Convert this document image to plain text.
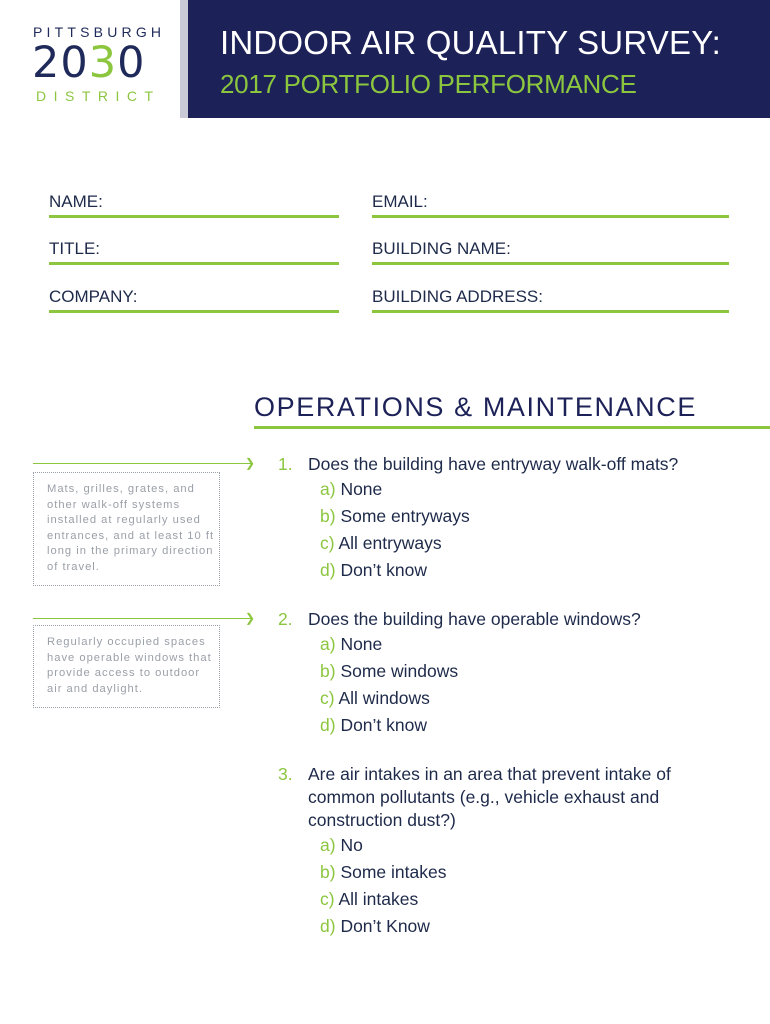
PITTSBURGH
2030
DISTRICT
INDOOR AIR QUALITY SURVEY:
2017 PORTFOLIO PERFORMANCE
NAME:	EMAIL:
TITLE:	BUILDING NAME:
COMPANY:	BUILDING ADDRESS:
OPERATIONS & MAINTENANCE
❯
Mats, grilles, grates, and other walk-off systems installed at regularly used entrances, and at least 10 ft long in the primary direction of travel.
❯
Regularly occupied spaces have operable windows that provide access to outdoor air and daylight.
1. Does the building have entryway walk-off mats?
a) None
b) Some entryways
c) All entryways
d) Don’t know
2. Does the building have operable windows?
a) None
b) Some windows
c) All windows
d) Don’t know
3. Are air intakes in an area that prevent intake of common pollutants (e.g., vehicle exhaust and construction dust?)
a) No
b) Some intakes
c) All intakes
d) Don’t Know
